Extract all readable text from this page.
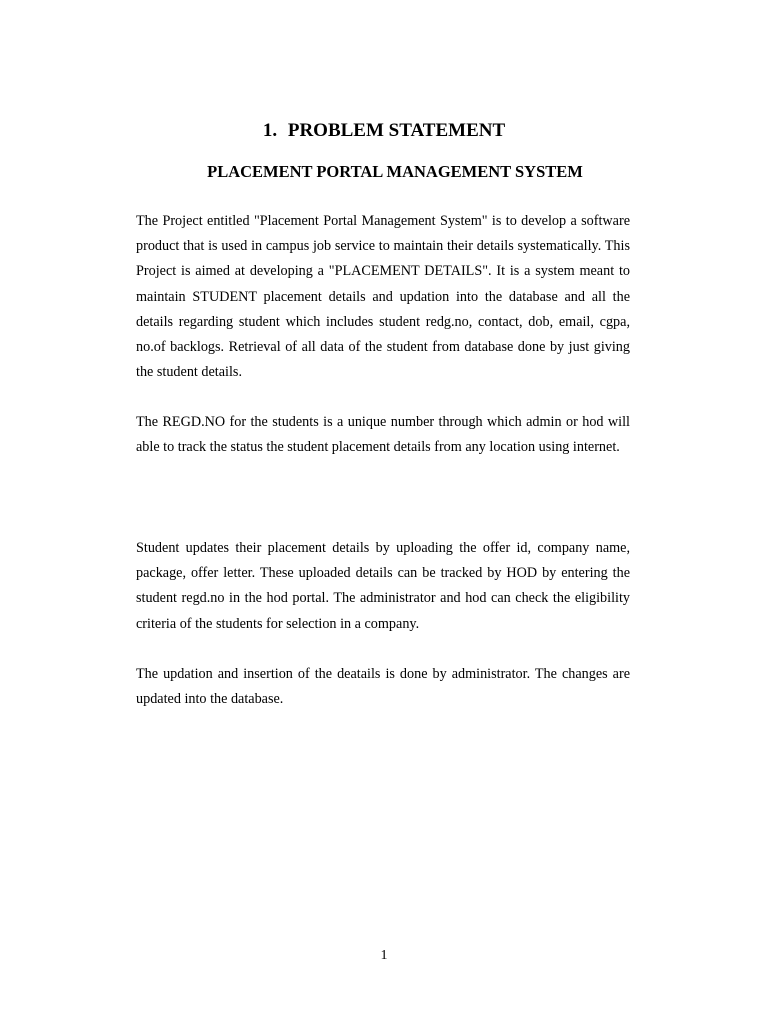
1. PROBLEM STATEMENT
PLACEMENT PORTAL MANAGEMENT SYSTEM

The Project entitled "Placement Portal Management System" is to develop a software product that is used in campus job service to maintain their details systematically. This Project is aimed at developing a "PLACEMENT DETAILS". It is a system meant to maintain STUDENT placement details and updation into the database and all the details regarding student which includes student redg.no, contact, dob, email, cgpa, no.of backlogs. Retrieval of all data of the student from database done by just giving the student details.

The REGD.NO for the students is a unique number through which admin or hod will able to track the status the student placement details from any location using internet.

Student updates their placement details by uploading the offer id, company name, package, offer letter. These uploaded details can be tracked by HOD by entering the student regd.no in the hod portal. The administrator and hod can check the eligibility criteria of the students for selection in a company.

The updation and insertion of the deatails is done by administrator. The changes are updated into the database.

1
